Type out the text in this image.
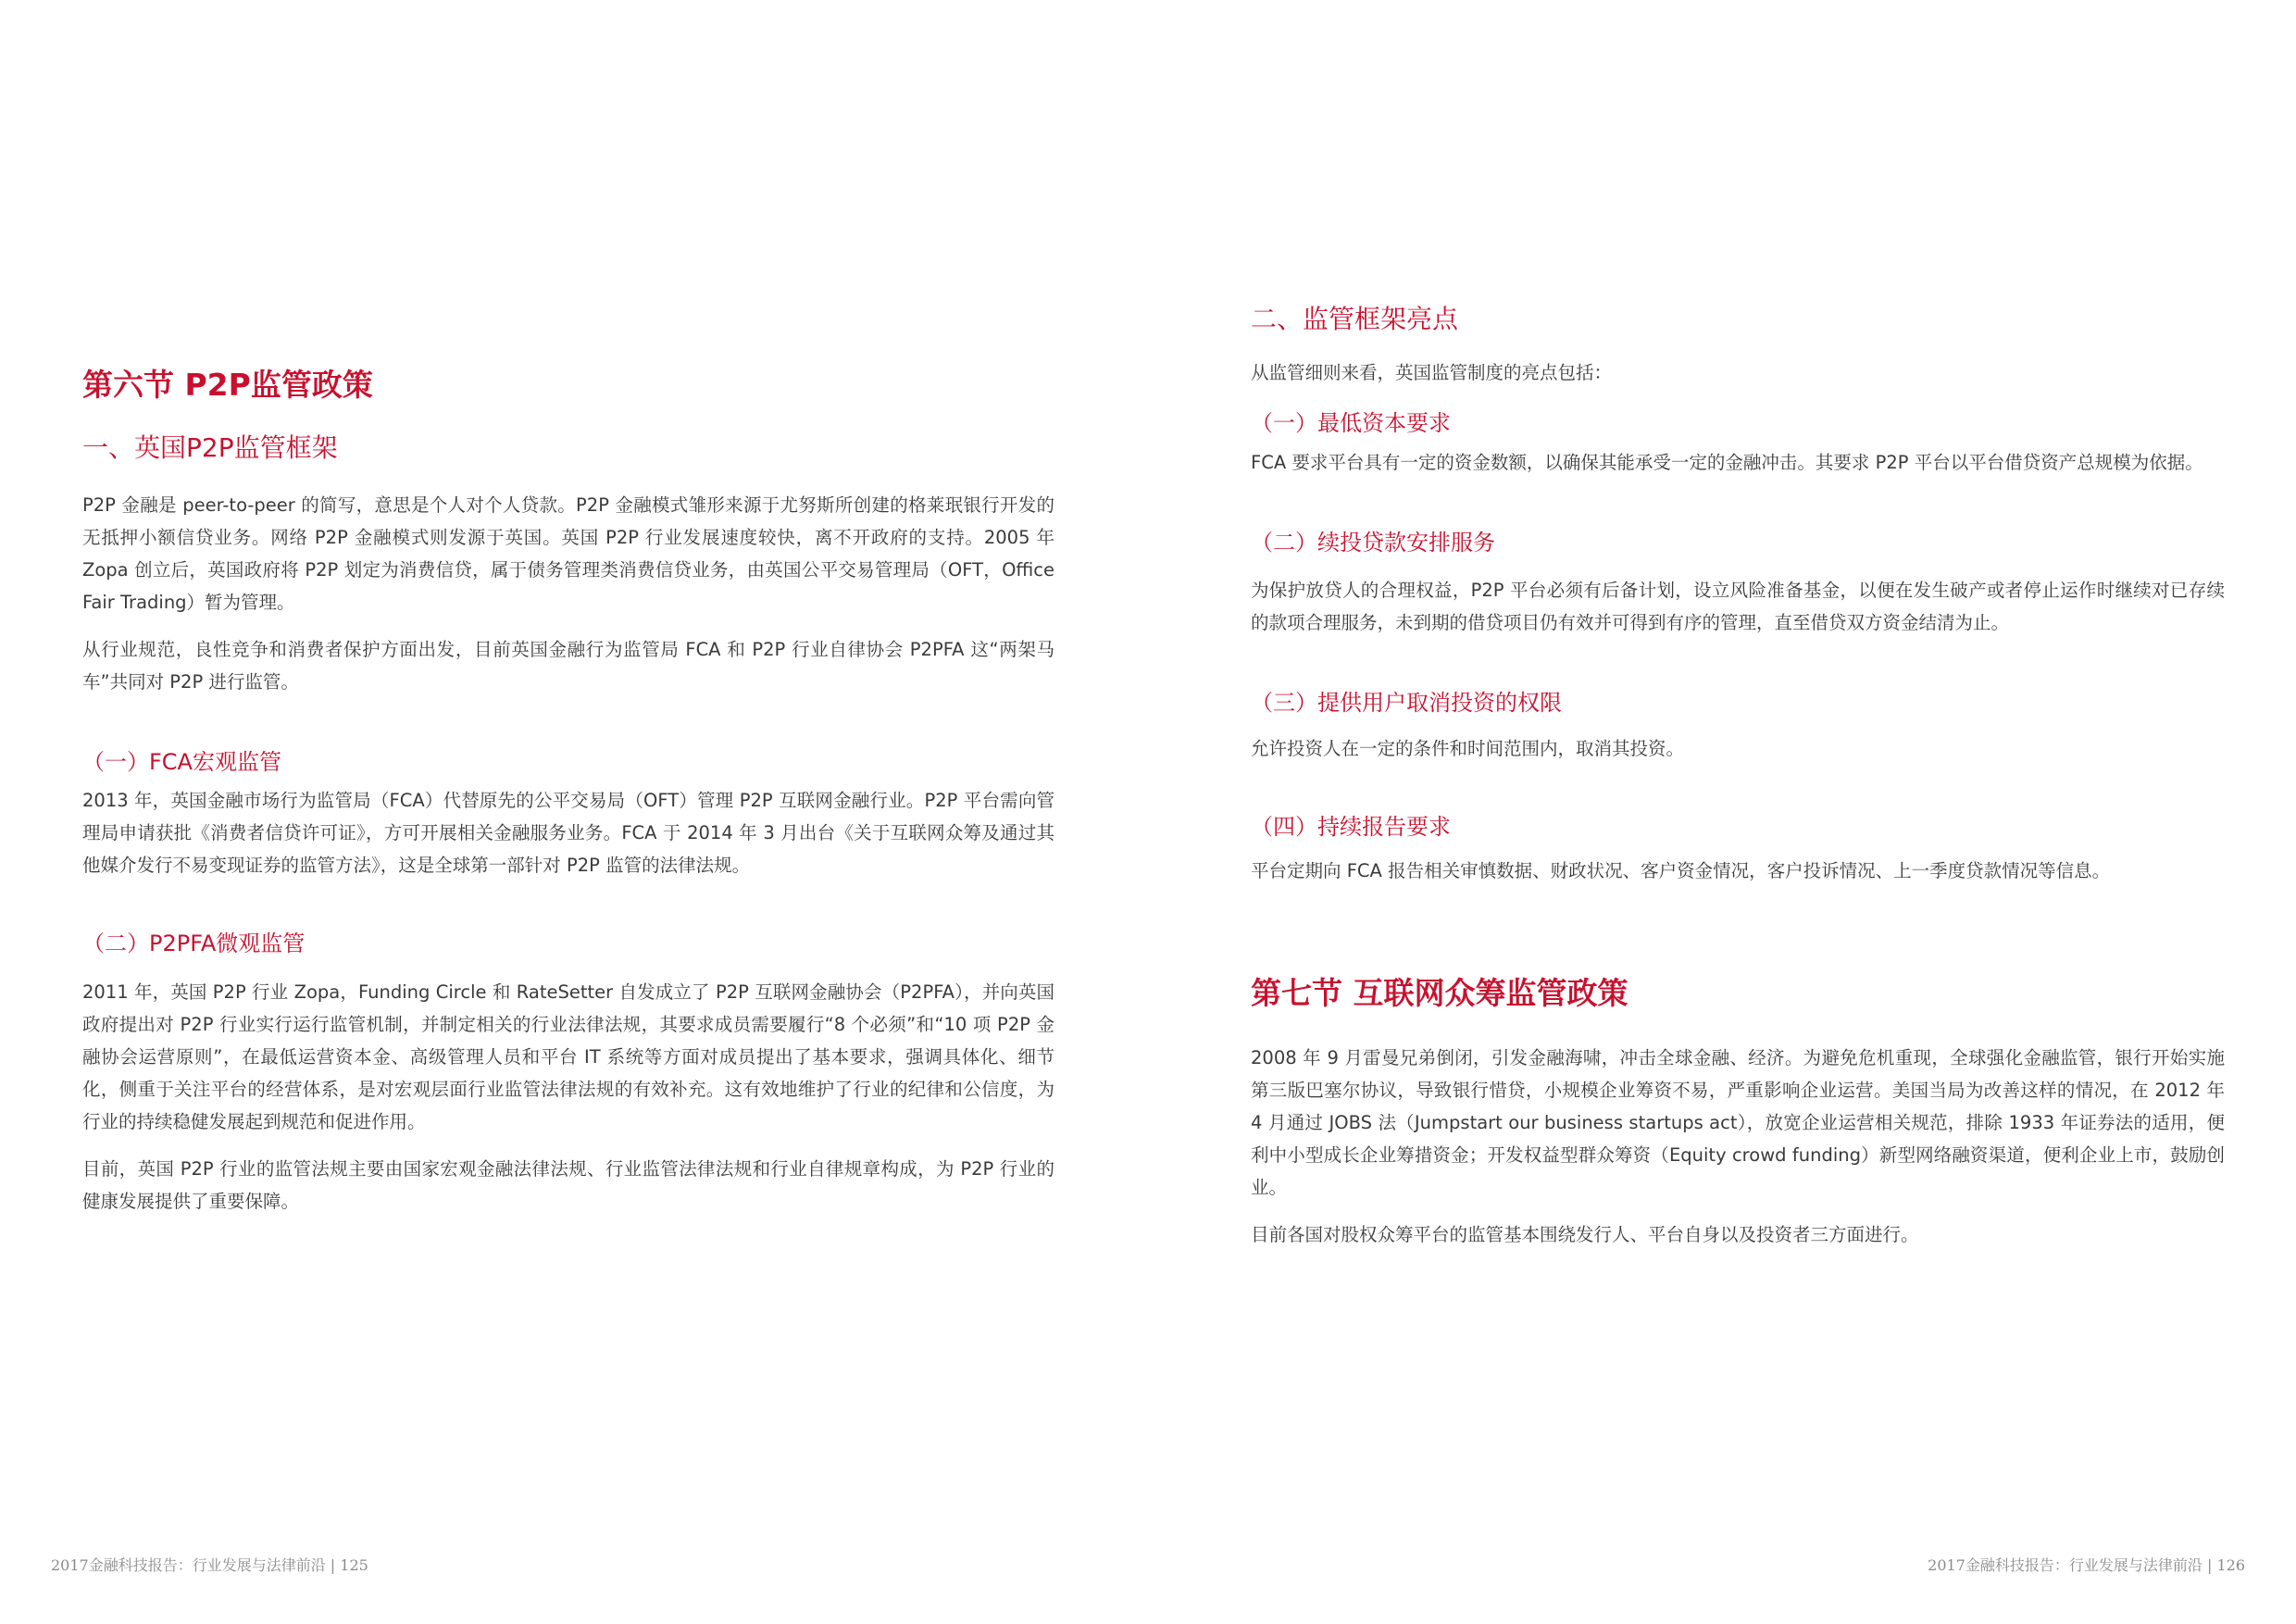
第六节 P2P监管政策
一、英国P2P监管框架

P2P 金融是 peer-to-peer 的简写，意思是个人对个人贷款。P2P 金融模式雏形来源于尤努斯所创建的格莱珉银行开发的无抵押小额信贷业务。网络 P2P 金融模式则发源于英国。英国 P2P 行业发展速度较快，离不开政府的支持。2005 年 Zopa 创立后，英国政府将 P2P 划定为消费信贷，属于债务管理类消费信贷业务，由英国公平交易管理局（OFT，Office Fair Trading）暂为管理。

从行业规范，良性竞争和消费者保护方面出发，目前英国金融行为监管局 FCA 和 P2P 行业自律协会 P2PFA 这“两架马车”共同对 P2P 进行监管。

（一）FCA宏观监管

2013 年，英国金融市场行为监管局（FCA）代替原先的公平交易局（OFT）管理 P2P 互联网金融行业。P2P 平台需向管理局申请获批《消费者信贷许可证》，方可开展相关金融服务业务。FCA 于 2014 年 3 月出台《关于互联网众筹及通过其他媒介发行不易变现证券的监管方法》，这是全球第一部针对 P2P 监管的法律法规。

（二）P2PFA微观监管

2011 年，英国 P2P 行业 Zopa，Funding Circle 和 RateSetter 自发成立了 P2P 互联网金融协会（P2PFA），并向英国政府提出对 P2P 行业实行运行监管机制，并制定相关的行业法律法规，其要求成员需要履行“8 个必须”和“10 项 P2P 金融协会运营原则”，在最低运营资本金、高级管理人员和平台 IT 系统等方面对成员提出了基本要求，强调具体化、细节化，侧重于关注平台的经营体系，是对宏观层面行业监管法律法规的有效补充。这有效地维护了行业的纪律和公信度，为行业的持续稳健发展起到规范和促进作用。

目前，英国 P2P 行业的监管法规主要由国家宏观金融法律法规、行业监管法律法规和行业自律规章构成，为 P2P 行业的健康发展提供了重要保障。

二、监管框架亮点

从监管细则来看，英国监管制度的亮点包括：

（一）最低资本要求

FCA 要求平台具有一定的资金数额，以确保其能承受一定的金融冲击。其要求 P2P 平台以平台借贷资产总规模为依据。

（二）续投贷款安排服务

为保护放贷人的合理权益，P2P 平台必须有后备计划，设立风险准备基金，以便在发生破产或者停止运作时继续对已存续的款项合理服务，未到期的借贷项目仍有效并可得到有序的管理，直至借贷双方资金结清为止。

（三）提供用户取消投资的权限

允许投资人在一定的条件和时间范围内，取消其投资。

（四）持续报告要求

平台定期向 FCA 报告相关审慎数据、财政状况、客户资金情况，客户投诉情况、上一季度贷款情况等信息。

第七节 互联网众筹监管政策

2008 年 9 月雷曼兄弟倒闭，引发金融海啸，冲击全球金融、经济。为避免危机重现，全球强化金融监管，银行开始实施第三版巴塞尔协议，导致银行惜贷，小规模企业筹资不易，严重影响企业运营。美国当局为改善这样的情况，在 2012 年 4 月通过 JOBS 法（Jumpstart our business startups act），放宽企业运营相关规范，排除 1933 年证券法的适用，便利中小型成长企业筹措资金；开发权益型群众筹资（Equity crowd funding）新型网络融资渠道，便利企业上市，鼓励创业。

目前各国对股权众筹平台的监管基本围绕发行人、平台自身以及投资者三方面进行。

2017金融科技报告：行业发展与法律前沿 | 125	2017金融科技报告：行业发展与法律前沿 | 126
